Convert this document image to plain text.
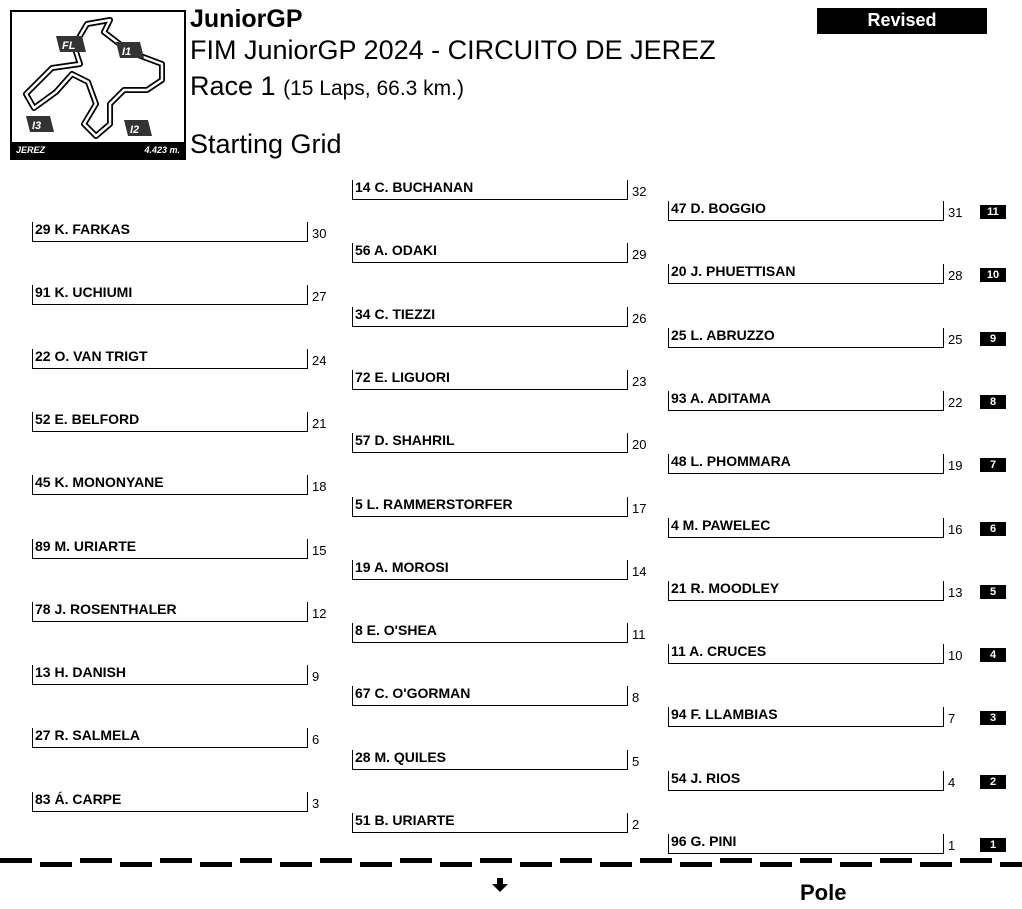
FL	I1
I2
I3
JEREZ	4.423 m.
JuniorGP
FIM JuniorGP 2024 - CIRCUITO DE JEREZ
Race 1 (15 Laps, 66.3 km.)
Starting Grid
Revised
29 K. FARKAS	30
91 K. UCHIUMI	27
22 O. VAN TRIGT	24
52 E. BELFORD	21
45 K. MONONYANE	18
89 M. URIARTE	15
78 J. ROSENTHALER	12
13 H. DANISH	9
27 R. SALMELA	6
83 Á. CARPE	3
14 C. BUCHANAN	32
56 A. ODAKI	29
34 C. TIEZZI	26
72 E. LIGUORI	23
57 D. SHAHRIL	20
5 L. RAMMERSTORFER	17
19 A. MOROSI	14
8 E. O'SHEA	11
67 C. O'GORMAN	8
28 M. QUILES	5
51 B. URIARTE	2
47 D. BOGGIO	31	11
20 J. PHUETTISAN	28	10
25 L. ABRUZZO	25	9
93 A. ADITAMA	22	8
48 L. PHOMMARA	19	7
4 M. PAWELEC	16	6
21 R. MOODLEY	13	5
11 A. CRUCES	10	4
94 F. LLAMBIAS	7	3
54 J. RIOS	4	2
96 G. PINI	1	1
Pole
